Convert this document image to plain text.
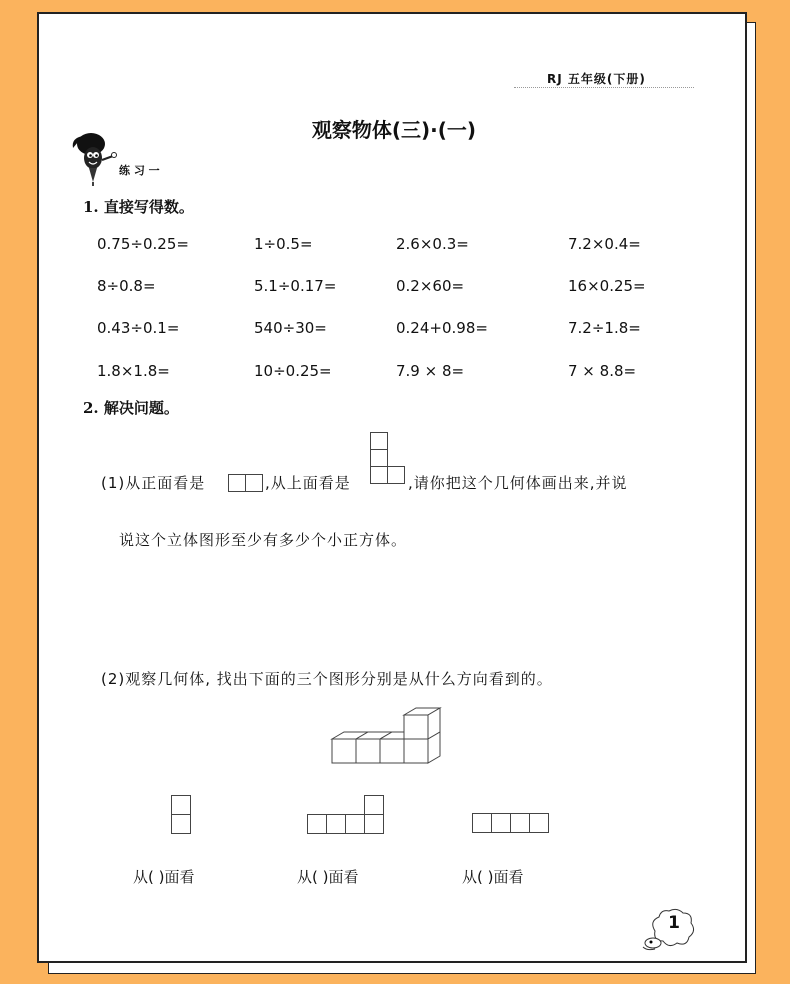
RJ 五年级(下册)
观察物体(三)·(一)
练 习 一
1. 直接写得数。
0.75÷0.25=	1÷0.5=	2.6×0.3=	7.2×0.4=
8÷0.8=	5.1÷0.17=	0.2×60=	16×0.25=
0.43÷0.1=	540÷30=	0.24+0.98=	7.2÷1.8=
1.8×1.8=	10÷0.25=	7.9 × 8=	7 × 8.8=
2. 解决问题。
(1)从正面看是	,从上面看是	,请你把这个几何体画出来,并说
说这个立体图形至少有多少个小正方体。
(2)观察几何体, 找出下面的三个图形分别是从什么方向看到的。
从( )面看	从( )面看	从( )面看
1
